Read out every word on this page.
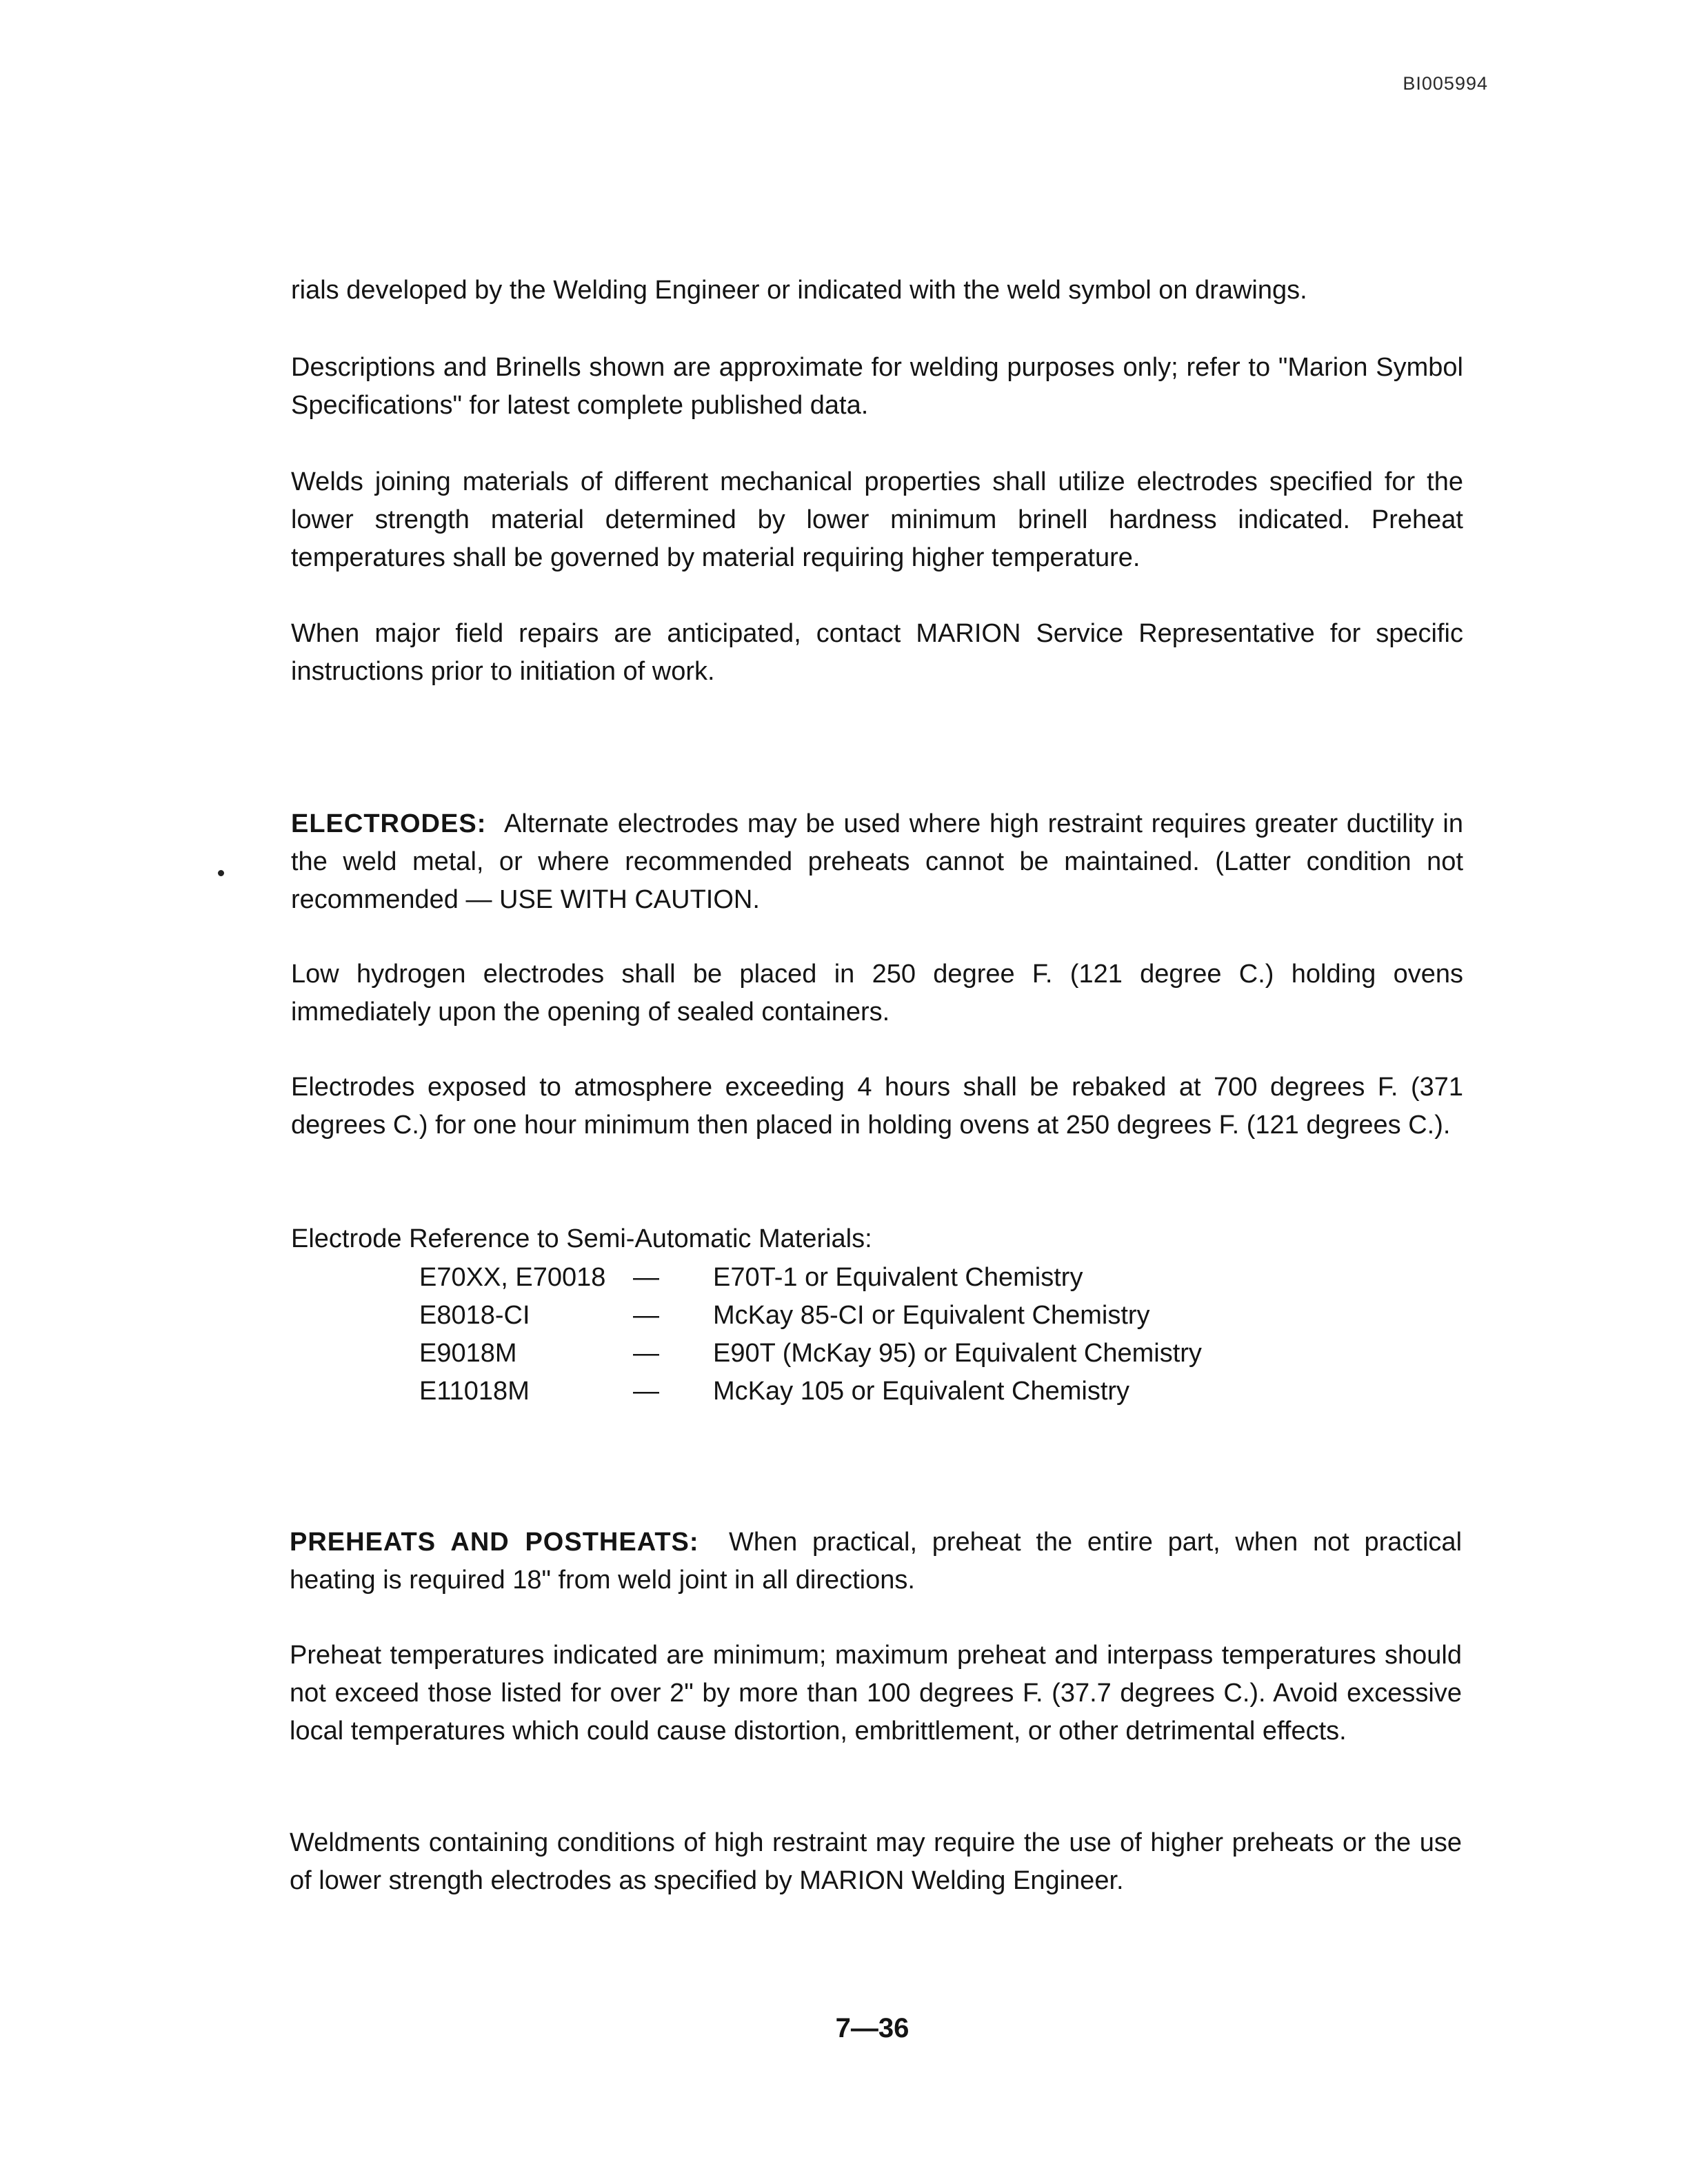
BI005994

rials developed by the Welding Engineer or indicated with the weld symbol on drawings.

Descriptions and Brinells shown are approximate for welding purposes only; refer to "Marion Symbol Specifications" for latest complete published data.

Welds joining materials of different mechanical properties shall utilize electrodes specified for the lower strength material determined by lower minimum brinell hardness indicated. Preheat temperatures shall be governed by material requiring higher temperature.

When major field repairs are anticipated, contact MARION Service Representative for specific instructions prior to initiation of work.

ELECTRODES: Alternate electrodes may be used where high restraint requires greater ductility in the weld metal, or where recommended preheats cannot be maintained. (Latter condition not recommended — USE WITH CAUTION.

Low hydrogen electrodes shall be placed in 250 degree F. (121 degree C.) holding ovens immediately upon the opening of sealed containers.

Electrodes exposed to atmosphere exceeding 4 hours shall be rebaked at 700 degrees F. (371 degrees C.) for one hour minimum then placed in holding ovens at 250 degrees F. (121 degrees C.).

Electrode Reference to Semi-Automatic Materials:

E70XX, E70018	—	E70T-1 or Equivalent Chemistry
E8018-CI	—	McKay 85-CI or Equivalent Chemistry
E9018M	—	E90T (McKay 95) or Equivalent Chemistry
E11018M	—	McKay 105 or Equivalent Chemistry

PREHEATS AND POSTHEATS: When practical, preheat the entire part, when not practical heating is required 18" from weld joint in all directions.

Preheat temperatures indicated are minimum; maximum preheat and interpass temperatures should not exceed those listed for over 2" by more than 100 degrees F. (37.7 degrees C.). Avoid excessive local temperatures which could cause distortion, embrittlement, or other detrimental effects.

Weldments containing conditions of high restraint may require the use of higher preheats or the use of lower strength electrodes as specified by MARION Welding Engineer.

7—36
